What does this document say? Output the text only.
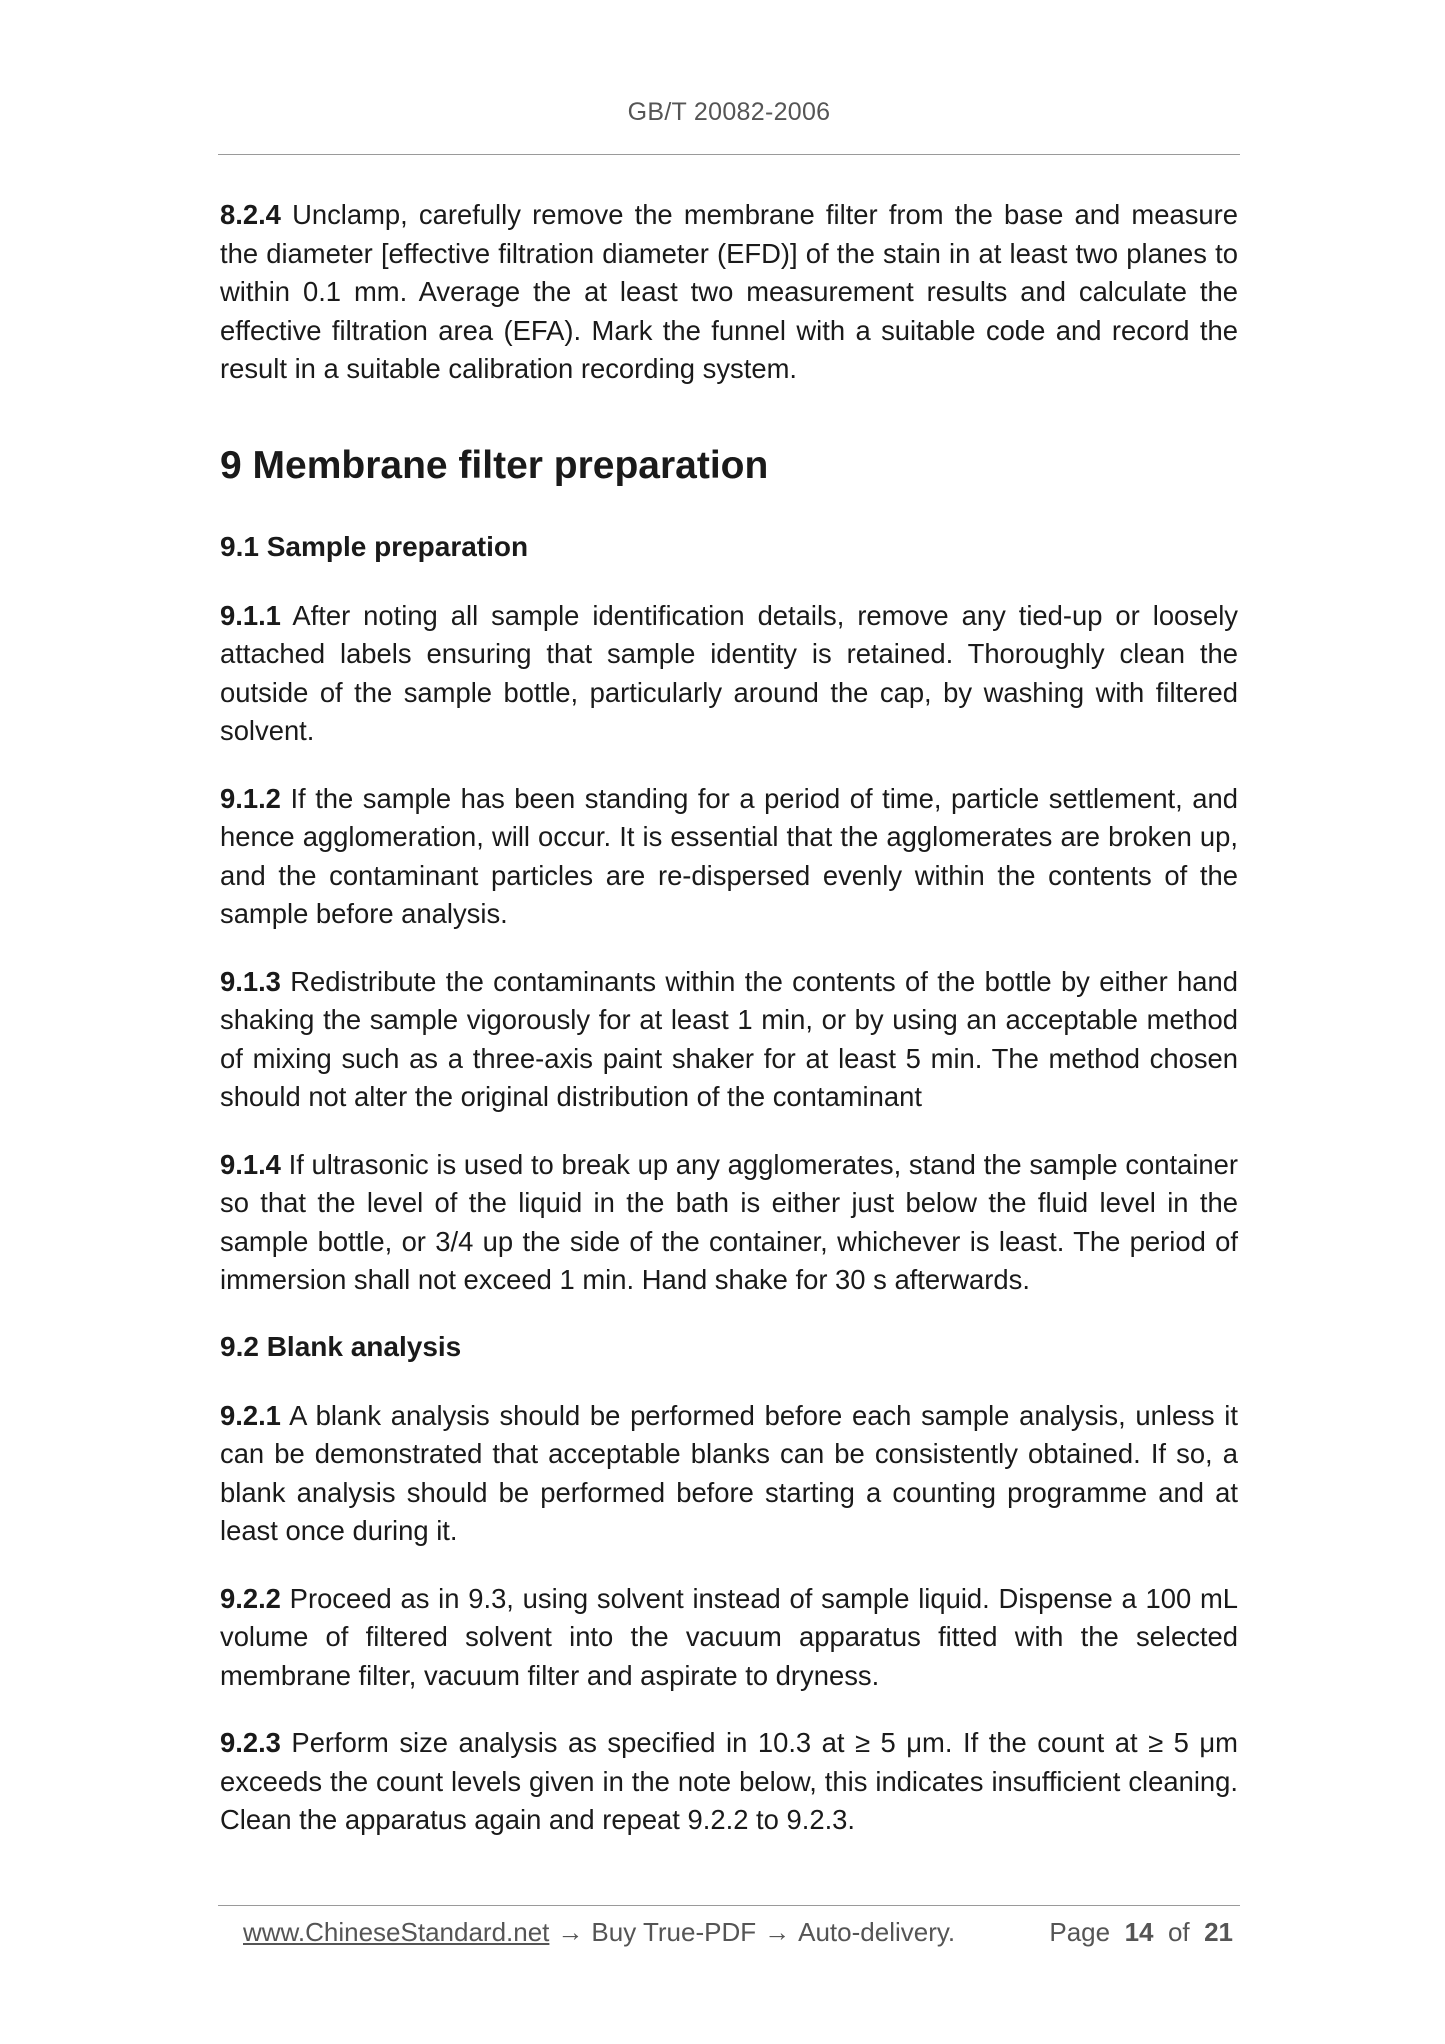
GB/T 20082-2006

8.2.4 Unclamp, carefully remove the membrane filter from the base and measure the diameter [effective filtration diameter (EFD)] of the stain in at least two planes to within 0.1 mm. Average the at least two measurement results and calculate the effective filtration area (EFA). Mark the funnel with a suitable code and record the result in a suitable calibration recording system.

9 Membrane filter preparation
9.1 Sample preparation

9.1.1 After noting all sample identification details, remove any tied-up or loosely attached labels ensuring that sample identity is retained. Thoroughly clean the outside of the sample bottle, particularly around the cap, by washing with filtered solvent.

9.1.2 If the sample has been standing for a period of time, particle settlement, and hence agglomeration, will occur. It is essential that the agglomerates are broken up, and the contaminant particles are re-dispersed evenly within the contents of the sample before analysis.

9.1.3 Redistribute the contaminants within the contents of the bottle by either hand shaking the sample vigorously for at least 1 min, or by using an acceptable method of mixing such as a three-axis paint shaker for at least 5 min. The method chosen should not alter the original distribution of the contaminant

9.1.4 If ultrasonic is used to break up any agglomerates, stand the sample container so that the level of the liquid in the bath is either just below the fluid level in the sample bottle, or 3/4 up the side of the container, whichever is least. The period of immersion shall not exceed 1 min. Hand shake for 30 s afterwards.

9.2 Blank analysis

9.2.1 A blank analysis should be performed before each sample analysis, unless it can be demonstrated that acceptable blanks can be consistently obtained. If so, a blank analysis should be performed before starting a counting programme and at least once during it.

9.2.2 Proceed as in 9.3, using solvent instead of sample liquid. Dispense a 100 mL volume of filtered solvent into the vacuum apparatus fitted with the selected membrane filter, vacuum filter and aspirate to dryness.

9.2.3 Perform size analysis as specified in 10.3 at ≥ 5 μm. If the count at ≥ 5 μm exceeds the count levels given in the note below, this indicates insufficient cleaning. Clean the apparatus again and repeat 9.2.2 to 9.2.3.

www.ChineseStandard.net → Buy True-PDF → Auto-delivery.	Page 14 of 21
